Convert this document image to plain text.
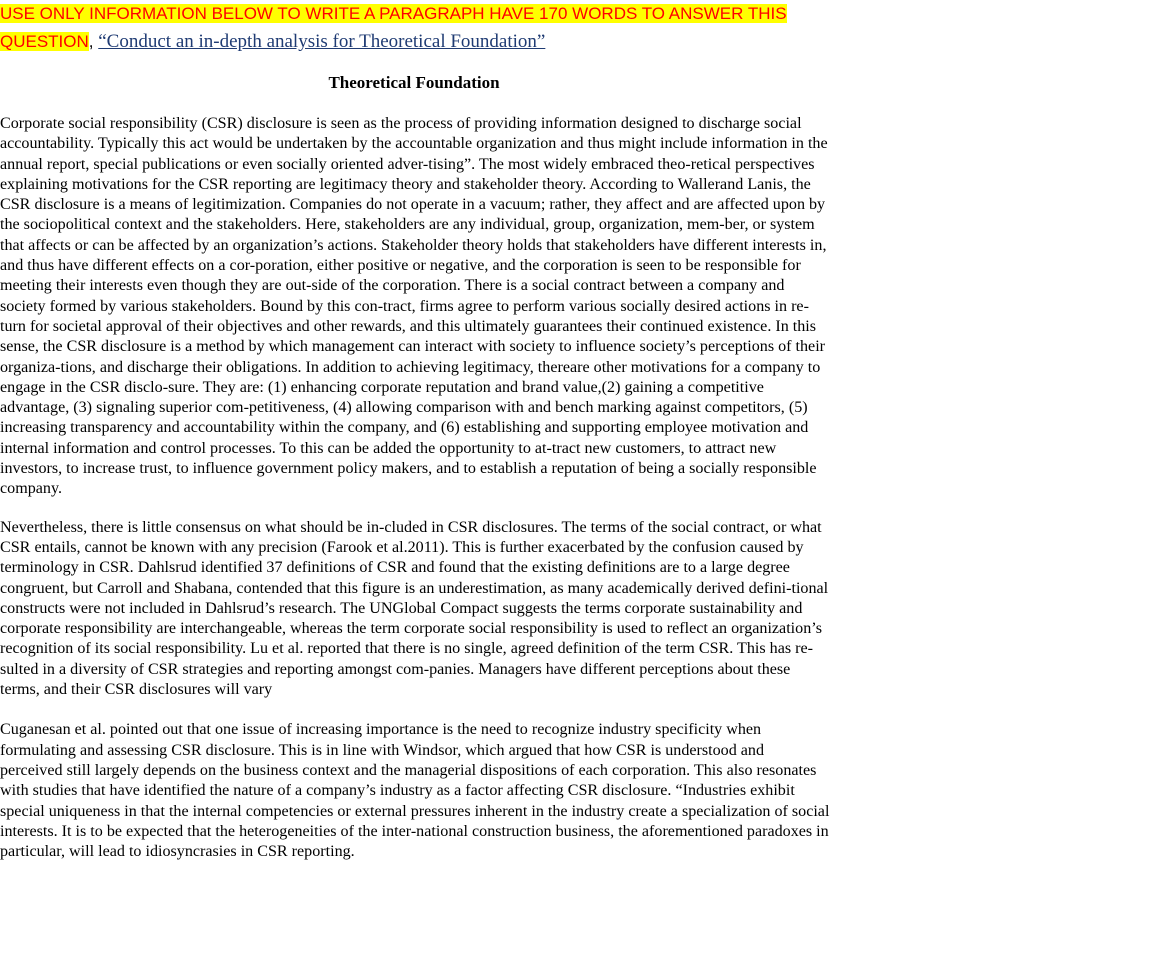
USE ONLY INFORMATION BELOW TO WRITE A PARAGRAPH HAVE 170 WORDS TO ANSWER THIS QUESTION, “Conduct an in-depth analysis for Theoretical Foundation”

Theoretical Foundation

Corporate social responsibility (CSR) disclosure is seen as the process of providing information designed to discharge social accountability. Typically this act would be undertaken by the accountable organization and thus might include information in the annual report, special publications or even socially oriented adver-tising”. The most widely embraced theo-retical perspectives explaining motivations for the CSR reporting are legitimacy theory and stakeholder theory. According to Wallerand Lanis, the CSR disclosure is a means of legitimization. Companies do not operate in a vacuum; rather, they affect and are affected upon by the sociopolitical context and the stakeholders. Here, stakeholders are any individual, group, organization, mem-ber, or system that affects or can be affected by an organization’s actions. Stakeholder theory holds that stakeholders have different interests in, and thus have different effects on a cor-poration, either positive or negative, and the corporation is seen to be responsible for meeting their interests even though they are out-side of the corporation. There is a social contract between a company and society formed by various stakeholders. Bound by this con-tract, firms agree to perform various socially desired actions in re-turn for societal approval of their objectives and other rewards, and this ultimately guarantees their continued existence. In this sense, the CSR disclosure is a method by which management can interact with society to influence society’s perceptions of their organiza-tions, and discharge their obligations. In addition to achieving legitimacy, thereare other motivations for a company to engage in the CSR disclo-sure. They are: (1) enhancing corporate reputation and brand value,(2) gaining a competitive advantage, (3) signaling superior com-petitiveness, (4) allowing comparison with and bench marking against competitors, (5) increasing transparency and accountability within the company, and (6) establishing and supporting employee motivation and internal information and control processes. To this can be added the opportunity to at-tract new customers, to attract new investors, to increase trust, to influence government policy makers, and to establish a reputation of being a socially responsible company.

Nevertheless, there is little consensus on what should be in-cluded in CSR disclosures. The terms of the social contract, or what CSR entails, cannot be known with any precision (Farook et al.2011). This is further exacerbated by the confusion caused by terminology in CSR. Dahlsrud identified 37 definitions of CSR and found that the existing definitions are to a large degree congruent, but Carroll and Shabana, contended that this figure is an underestimation, as many academically derived defini-tional constructs were not included in Dahlsrud’s research. The UNGlobal Compact suggests the terms corporate sustainability and corporate responsibility are interchangeable, whereas the term corporate social responsibility is used to reflect an organization’s recognition of its social responsibility. Lu et al. reported that there is no single, agreed definition of the term CSR. This has re-sulted in a diversity of CSR strategies and reporting amongst com-panies. Managers have different perceptions about these terms, and their CSR disclosures will vary

Cuganesan et al. pointed out that one issue of increasing importance is the need to recognize industry specificity when formulating and assessing CSR disclosure. This is in line with Windsor, which argued that how CSR is understood and perceived still largely depends on the business context and the managerial dispositions of each corporation. This also resonates with studies that have identified the nature of a company’s industry as a factor affecting CSR disclosure. “Industries exhibit special uniqueness in that the internal competencies or external pressures inherent in the industry create a specialization of social interests. It is to be expected that the heterogeneities of the inter-national construction business, the aforementioned paradoxes in particular, will lead to idiosyncrasies in CSR reporting.
